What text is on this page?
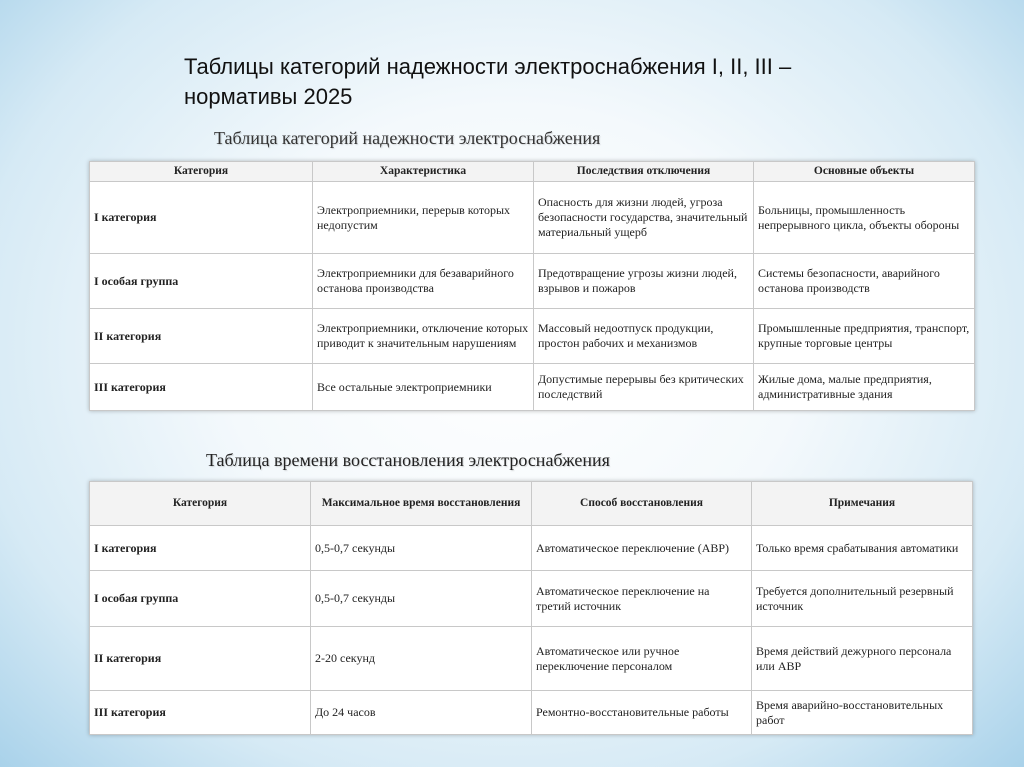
Таблицы категорий надежности электроснабжения I, II, III –
нормативы 2025
Таблица категорий надежности электроснабжения
Категория	Характеристика	Последствия отключения	Основные объекты
I категория	Электроприемники, перерыв которых недопустим	Опасность для жизни людей, угроза безопасности государства, значительный материальный ущерб	Больницы, промышленность непрерывного цикла, объекты обороны
I особая группа	Электроприемники для безаварийного останова производства	Предотвращение угрозы жизни людей, взрывов и пожаров	Системы безопасности, аварийного останова производств
II категория	Электроприемники, отключение которых приводит к значительным нарушениям	Массовый недоотпуск продукции, простон рабочих и механизмов	Промышленные предприятия, транспорт, крупные торговые центры
III категория	Все остальные электроприемники	Допустимые перерывы без критических последствий	Жилые дома, малые предприятия, административные здания
Таблица времени восстановления электроснабжения
Категория	Максимальное время восстановления	Способ восстановления	Примечания
I категория	0,5-0,7 секунды	Автоматическое переключение (АВР)	Только время срабатывания автоматики
I особая группа	0,5-0,7 секунды	Автоматическое переключение на третий источник	Требуется дополнительный резервный источник
II категория	2-20 секунд	Автоматическое или ручное переключение персоналом	Время действий дежурного персонала или АВР
III категория	До 24 часов	Ремонтно-восстановительные работы	Время аварийно-восстановительных работ
